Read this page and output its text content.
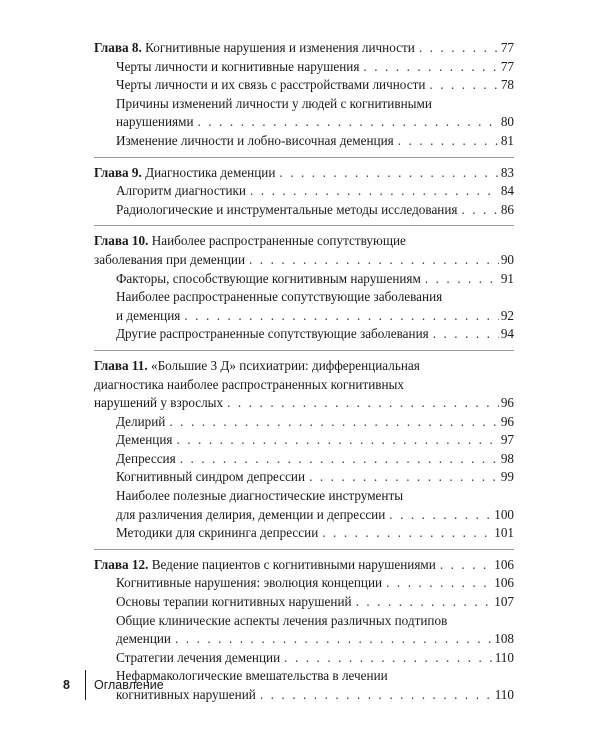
Глава 8. Когнитивные нарушения и изменения личности . . .	77
Черты личности и когнитивные нарушения . . .	77
Черты личности и их связь с расстройствами личности . . .	78
Причины изменений личности у людей с когнитивными
нарушениями . . .	80
Изменение личности и лобно-височная деменция . . .	81
Глава 9. Диагностика деменции . . .	83
Алгоритм диагностики . . .	84
Радиологические и инструментальные методы исследования . . .	86
Глава 10. Наиболее распространенные сопутствующие
заболевания при деменции . . .	90
Факторы, способствующие когнитивным нарушениям . . .	91
Наиболее распространенные сопутствующие заболевания
и деменция . . .	92
Другие распространенные сопутствующие заболевания . . .	94
Глава 11. «Большие 3 Д» психиатрии: дифференциальная
диагностика наиболее распространенных когнитивных
нарушений у взрослых . . .	96
Делирий . . .	96
Деменция . . .	97
Депрессия . . .	98
Когнитивный синдром депрессии . . .	99
Наиболее полезные диагностические инструменты
для различения делирия, деменции и депрессии . . .	100
Методики для скрининга депрессии . . .	101
Глава 12. Ведение пациентов с когнитивными нарушениями . . .	106
Когнитивные нарушения: эволюция концепции . . .	106
Основы терапии когнитивных нарушений . . .	107
Общие клинические аспекты лечения различных подтипов
деменции . . .	108
Стратегии лечения деменции . . .	110
Нефармакологические вмешательства в лечении
когнитивных нарушений . . .	110
8	Оглавление
